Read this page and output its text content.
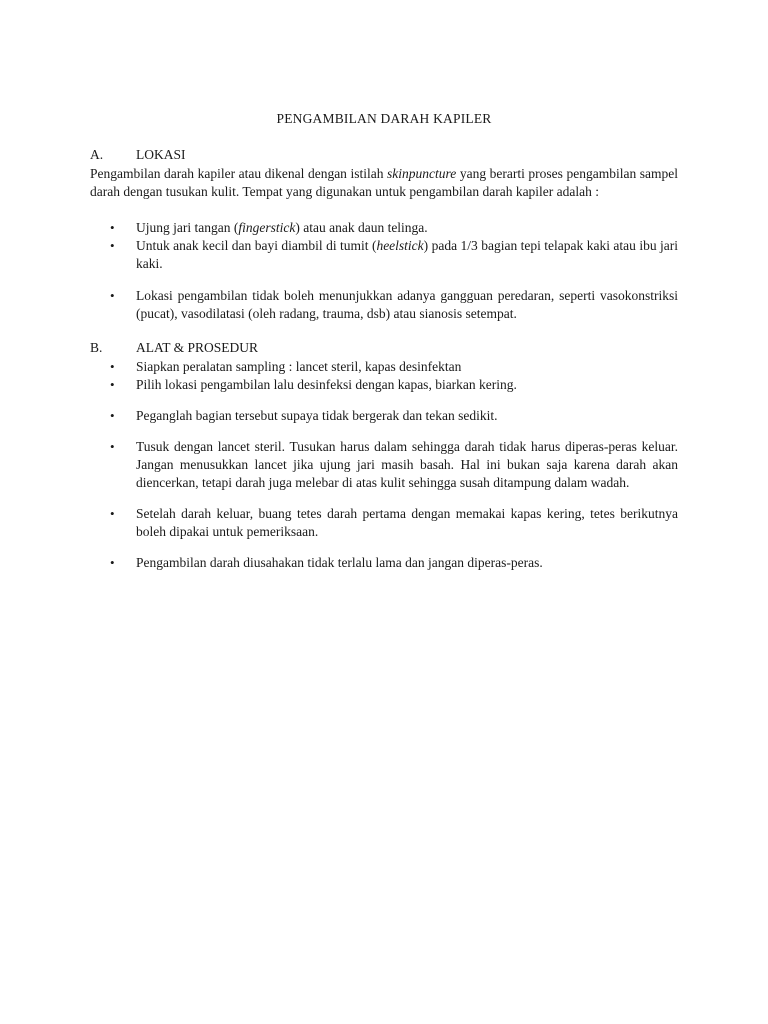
PENGAMBILAN DARAH KAPILER
A. LOKASI
Pengambilan darah kapiler atau dikenal dengan istilah skinpuncture yang berarti proses pengambilan sampel darah dengan tusukan kulit. Tempat yang digunakan untuk pengambilan darah kapiler adalah :
• Ujung jari tangan (fingerstick) atau anak daun telinga.
• Untuk anak kecil dan bayi diambil di tumit (heelstick) pada 1/3 bagian tepi telapak kaki atau ibu jari kaki.
• Lokasi pengambilan tidak boleh menunjukkan adanya gangguan peredaran, seperti vasokonstriksi (pucat), vasodilatasi (oleh radang, trauma, dsb) atau sianosis setempat.
B. ALAT & PROSEDUR
• Siapkan peralatan sampling : lancet steril, kapas desinfektan
• Pilih lokasi pengambilan lalu desinfeksi dengan kapas, biarkan kering.
• Peganglah bagian tersebut supaya tidak bergerak dan tekan sedikit.
• Tusuk dengan lancet steril. Tusukan harus dalam sehingga darah tidak harus diperas-peras keluar. Jangan menusukkan lancet jika ujung jari masih basah. Hal ini bukan saja karena darah akan diencerkan, tetapi darah juga melebar di atas kulit sehingga susah ditampung dalam wadah.
• Setelah darah keluar, buang tetes darah pertama dengan memakai kapas kering, tetes berikutnya boleh dipakai untuk pemeriksaan.
• Pengambilan darah diusahakan tidak terlalu lama dan jangan diperas-peras.
